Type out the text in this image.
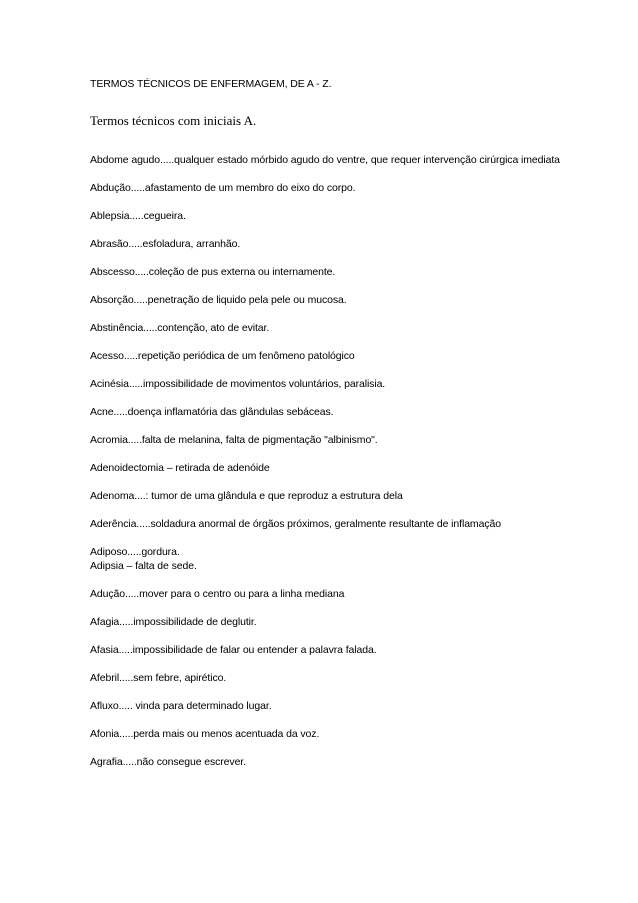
TERMOS TÉCNICOS DE ENFERMAGEM, DE A - Z.
Termos técnicos com iniciais A.
Abdome agudo.....qualquer estado mórbido agudo do ventre, que requer intervenção cirúrgica imediata
Abdução.....afastamento de um membro do eixo do corpo.
Ablepsia.....cegueira.
Abrasão.....esfoladura, arranhão.
Abscesso.....coleção de pus externa ou internamente.
Absorção.....penetração de liquido pela pele ou mucosa.
Abstinência.....contenção, ato de evitar.
Acesso.....repetição periódica de um fenômeno patológico
Acinésia.....impossibilidade de movimentos voluntários, paralisia.
Acne.....doença inflamatória das glândulas sebáceas.
Acromia.....falta de melanina, falta de pigmentação "albinismo".
Adenoidectomia – retirada de adenóide
Adenoma....: tumor de uma glândula e que reproduz a estrutura dela
Aderência.....soldadura anormal de órgãos próximos, geralmente resultante de inflamação
Adiposo.....gordura.
Adipsia – falta de sede.
Adução.....mover para o centro ou para a linha mediana
Afagia.....impossibilidade de deglutir.
Afasia.....impossibilidade de falar ou entender a palavra falada.
Afebril.....sem febre, apirético.
Afluxo..... vinda para determinado lugar.
Afonia.....perda mais ou menos acentuada da voz.
Agrafia.....não consegue escrever.
